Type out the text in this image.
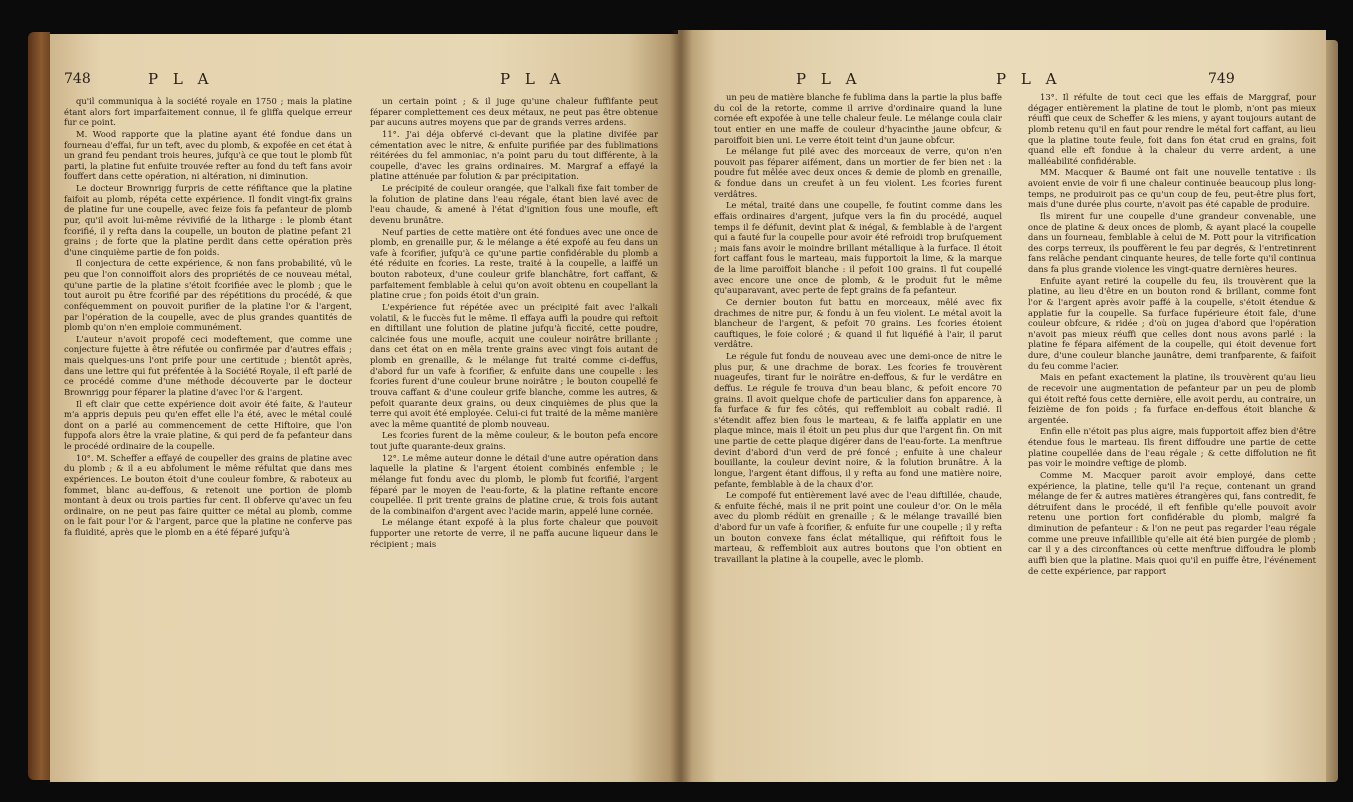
748	P L A	P L A

qu'il communiqua à la société royale en 1750 ; mais la platine étant alors fort imparfaitement connue, il fe gliffa quelque erreur fur ce point.

M. Wood rapporte que la platine ayant été fondue dans un fourneau d'effai, fur un teft, avec du plomb, & expofée en cet état à un grand feu pendant trois heures, jufqu'à ce que tout le plomb fût parti, la platine fut enfuite trouvée refter au fond du teft fans avoir fouffert dans cette opération, ni altération, ni diminution.

Le docteur Brownrigg furpris de cette réfiftance que la platine faifoit au plomb, répéta cette expérience. Il fondit vingt-fix grains de platine fur une coupelle, avec feize fois fa pefanteur de plomb pur, qu'il avoit lui-même révivifié de la litharge : le plomb étant fcorifié, il y refta dans la coupelle, un bouton de platine pefant 21 grains ; de forte que la platine perdit dans cette opération près d'une cinquième partie de fon poids.

Il conjectura de cette expérience, & non fans probabilité, vû le peu que l'on connoiffoit alors des propriétés de ce nouveau métal, qu'une partie de la platine s'étoit fcorifiée avec le plomb ; que le tout auroit pu être fcorifié par des répétitions du procédé, & que conféquemment on pouvoit purifier de la platine l'or & l'argent, par l'opération de la coupelle, avec de plus grandes quantités de plomb qu'on n'en emploie communément.

L'auteur n'avoit propofé ceci modeftement, que comme une conjecture fujette à être réfutée ou confirmée par d'autres effais ; mais quelques-uns l'ont prife pour une certitude ; bientôt après, dans une lettre qui fut préfentée à la Société Royale, il eft parlé de ce procédé comme d'une méthode découverte par le docteur Brownrigg pour féparer la platine d'avec l'or & l'argent.

Il eft clair que cette expérience doit avoir été faite, & l'auteur m'a appris depuis peu qu'en effet elle l'a été, avec le métal coulé dont on a parlé au commencement de cette Hiftoire, que l'on fuppofa alors être la vraie platine, & qui perd de fa pefanteur dans le procédé ordinaire de la coupelle.

10°. M. Scheffer a effayé de coupeller des grains de platine avec du plomb ; & il a eu abfolument le même réfultat que dans mes expériences. Le bouton étoit d'une couleur fombre, & raboteux au fommet, blanc au-deffous, & retenoit une portion de plomb montant à deux ou trois parties fur cent. Il obferve qu'avec un feu ordinaire, on ne peut pas faire quitter ce métal au plomb, comme on le fait pour l'or & l'argent, parce que la platine ne conferve pas fa fluidité, après que le plomb en a été féparé jufqu'à

un certain point ; & il juge qu'une chaleur fuffifante peut féparer complettement ces deux métaux, ne peut pas être obtenue par aucuns autres moyens que par de grands verres ardens.

11°. J'ai déja obfervé ci-devant que la platine divifée par cémentation avec le nitre, & enfuite purifiée par des fublimations réitérées du fel ammoniac, n'a point paru du tout différente, à la coupelle, d'avec les grains ordinaires. M. Margraf a effayé la platine atténuée par folution & par précipitation.

Le précipité de couleur orangée, que l'alkali fixe fait tomber de la folution de platine dans l'eau régale, étant bien lavé avec de l'eau chaude, & amené à l'état d'ignition fous une moufle, eft devenu brunâtre.

Neuf parties de cette matière ont été fondues avec une once de plomb, en grenaille pur, & le mélange a été expofé au feu dans un vafe à fcorifier, jufqu'à ce qu'une partie confidérable du plomb a été réduite en fcories. La reste, traité à la coupelle, a laiffé un bouton raboteux, d'une couleur grife blanchâtre, fort caffant, & parfaitement femblable à celui qu'on avoit obtenu en coupellant la platine crue ; fon poids étoit d'un grain.

L'expérience fut répétée avec un précipité fait avec l'alkali volatil, & le fuccès fut le même. Il effaya auffi la poudre qui reftoit en diftillant une folution de platine jufqu'à ficcité, cette poudre, calcinée fous une moufle, acquit une couleur noirâtre brillante ; dans cet état on en mêla trente grains avec vingt fois autant de plomb en grenaille, & le mélange fut traité comme ci-deffus, d'abord fur un vafe à fcorifier, & enfuite dans une coupelle : les fcories furent d'une couleur brune noirâtre ; le bouton coupellé fe trouva caffant & d'une couleur grife blanche, comme les autres, & pefoit quarante deux grains, ou deux cinquièmes de plus que la terre qui avoit été employée. Celui-ci fut traité de la même manière avec la même quantité de plomb nouveau.

Les fcories furent de la même couleur, & le bouton pefa encore tout jufte quarante-deux grains.

12°. Le même auteur donne le détail d'une autre opération dans laquelle la platine & l'argent étoient combinés enfemble ; le mélange fut fondu avec du plomb, le plomb fut fcorifié, l'argent féparé par le moyen de l'eau-forte, & la platine reftante encore coupellée. Il prit trente grains de platine crue, & trois fois autant de la combinaifon d'argent avec l'acide marin, appelé lune cornée.

Le mélange étant expofé à la plus forte chaleur que pouvoit fupporter une retorte de verre, il ne paffa aucune liqueur dans le récipient ; mais

P L A	P L A	749

un peu de matière blanche fe fublima dans la partie la plus baffe du col de la retorte, comme il arrive d'ordinaire quand la lune cornée eft expofée à une telle chaleur feule. Le mélange coula clair tout entier en une maffe de couleur d'hyacinthe jaune obfcur, & paroiffoit bien uni. Le verre étoit teint d'un jaune obfcur.

Le mélange fut pilé avec des morceaux de verre, qu'on n'en pouvoit pas féparer aifément, dans un mortier de fer bien net : la poudre fut mêlée avec deux onces & demie de plomb en grenaille, & fondue dans un creufet à un feu violent. Les fcories furent verdâtres.

Le métal, traité dans une coupelle, fe foutint comme dans les effais ordinaires d'argent, jufque vers la fin du procédé, auquel temps il fe défunit, devint plat & inégal, & femblable à de l'argent qui a fauté fur la coupelle pour avoir été refroidi trop bruſquement ; mais fans avoir le moindre brillant métallique à la furface. Il étoit fort caffant fous le marteau, mais fupportoit la lime, & la marque de la lime paroiffoit blanche : il pefoit 100 grains. Il fut coupellé avec encore une once de plomb, & le produit fut le même qu'auparavant, avec perte de fept grains de fa pefanteur.

Ce dernier bouton fut battu en morceaux, mêlé avec fix drachmes de nitre pur, & fondu à un feu violent. Le métal avoit la blancheur de l'argent, & pefoit 70 grains. Les fcories étoient cauftiques, le foie coloré ; & quand il fut liquéfié à l'air, il parut verdâtre.

Le régule fut fondu de nouveau avec une demi-once de nitre le plus pur, & une drachme de borax. Les fcories fe trouvèrent nuageufes, tirant fur le noirâtre en-deffous, & fur le verdâtre en deffus. Le régule fe trouva d'un beau blanc, & pefoit encore 70 grains. Il avoit quelque chofe de particulier dans fon apparence, à fa furface & fur fes côtés, qui reffembloit au cobalt radié. Il s'étendit affez bien fous le marteau, & fe laiffa applatir en une plaque mince, mais il étoit un peu plus dur que l'argent fin. On mit une partie de cette plaque digérer dans de l'eau-forte. La menftrue devint d'abord d'un verd de pré foncé ; enfuite à une chaleur bouillante, la couleur devint noire, & la folution brunâtre. À la longue, l'argent étant diffous, il y refta au fond une matière noire, pefante, femblable à de la chaux d'or.

Le compofé fut entièrement lavé avec de l'eau diftillée, chaude, & enfuite féché, mais il ne prit point une couleur d'or. On le mêla avec du plomb rédùit en grenaille ; & le mélange travaillé bien d'abord fur un vafe à fcorifier, & enfuite fur une coupelle ; il y refta un bouton convexe fans éclat métallique, qui réfiftoit fous le marteau, & reffembloit aux autres boutons que l'on obtient en travaillant la platine à la coupelle, avec le plomb.

13°. Il réfulte de tout ceci que les effais de Marggraf, pour dégager entièrement la platine de tout le plomb, n'ont pas mieux réuffi que ceux de Scheffer & les miens, y ayant toujours autant de plomb retenu qu'il en faut pour rendre le métal fort caffant, au lieu que la platine toute feule, foit dans fon état crud en grains, foit quand elle eft fondue à la chaleur du verre ardent, a une malléabilité confidérable.

MM. Macquer & Baumé ont fait une nouvelle tentative : ils avoient envie de voir fi une chaleur continuée beaucoup plus long-temps, ne produiroit pas ce qu'un coup de feu, peut-être plus fort, mais d'une durée plus courte, n'avoit pas été capable de produire.

Ils mirent fur une coupelle d'une grandeur convenable, une once de platine & deux onces de plomb, & ayant placé la coupelle dans un fourneau, femblable à celui de M. Pott pour la vitrification des corps terreux, ils pouffèrent le feu par degrés, & l'entretinrent fans relâche pendant cinquante heures, de telle forte qu'il continua dans fa plus grande violence les vingt-quatre dernières heures.

Enfuite ayant retiré la coupelle du feu, ils trouvèrent que la platine, au lieu d'être en un bouton rond & brillant, comme font l'or & l'argent après avoir paffé à la coupelle, s'étoit étendue & applatie fur la coupelle. Sa furface fupérieure étoit fale, d'une couleur obfcure, & ridée ; d'où on jugea d'abord que l'opération n'avoit pas mieux réuffi que celles dont nous avons parlé : la platine fe fépara aifément de la coupelle, qui étoit devenue fort dure, d'une couleur blanche jaunâtre, demi tranfparente, & faifoit du feu comme l'acier.

Mais en pefant exactement la platine, ils trouvèrent qu'au lieu de recevoir une augmentation de pefanteur par un peu de plomb qui étoit refté fous cette dernière, elle avoit perdu, au contraire, un feizième de fon poids ; fa furface en-deffous étoit blanche & argentée.

Enfin elle n'étoit pas plus aigre, mais fupportoit affez bien d'être étendue fous le marteau. Ils firent diffoudre une partie de cette platine coupellée dans de l'eau régale ; & cette diffolution ne fit pas voir le moindre veftige de plomb.

Comme M. Macquer paroit avoir employé, dans cette expérience, la platine, telle qu'il l'a reçue, contenant un grand mélange de fer & autres matières étrangères qui, fans contredit, fe détruifent dans le procédé, il eft fenfible qu'elle pouvoit avoir retenu une portion fort confidérable du plomb, malgré fa diminution de pefanteur : & l'on ne peut pas regarder l'eau régale comme une preuve infaillible qu'elle ait été bien purgée de plomb ; car il y a des circonftances où cette menftrue diffoudra le plomb auffi bien que la platine. Mais quoi qu'il en puiffe être, l'événement de cette expérience, par rapport
